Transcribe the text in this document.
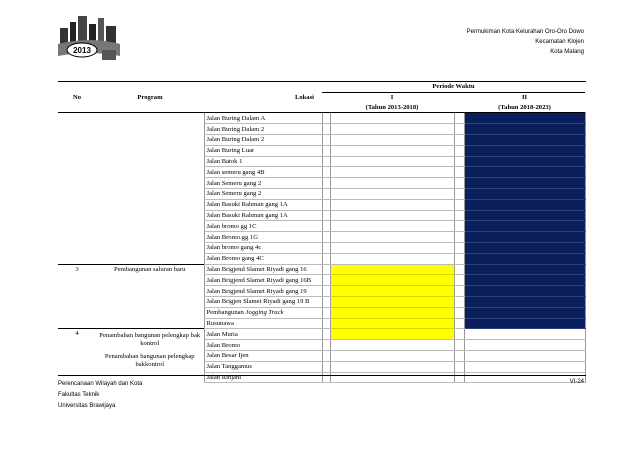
2013
Permukiman Kota Kelurahan Oro-Oro Dowo
Kecamatan Klojen
Kota Malang
			Periode Waktu			
No	Program	Lokasi		I		II
				(Tahun 2013-2018)		(Tahun 2018-2023)
		Jalan Buring Dalam A				
		Jalan Buring Dalam 2				
		Jalan Buring Dalam 2				
		Jalan Buring Luar				
		Jalan Batok 1				
		Jalan semeru gang 4B				
		Jalan Semeru gang 2				
		Jalan Semeru gang 2				
		Jalan Basuki Rahman gang 1A				
		Jalan Basuki Rahman gang 1A				
		Jalan bromo gg 1C				
		Jalan Bromo gg 1G				
		Jalan bromo gang 4c				
		Jalan Bromo gang 4C				
3	Pembangunan saluran baru	Jalan Brigjend Slamet Riyadi gang 16				
		Jalan Brigjend Slamet Riyadi gang 16B				
		Jalan Brigjend Slamet Riyadi gang 19				
		Jalan Brigjen Slamet Riyadi gang 19 B				
		Pembangunan Jogging Track				
		Rusunawa				
4	Penambahan bangunan pelengkap bak kontrol	Jalan Muria				
		Jalan Bromo				
	Penambahan bangunan pelengkap bakkontrol	Jalan Besar Ijen				
		Jalan Tanggamus				
		Jalan Rinjani				
Perencanaan Wilayah dan Kota
Fakultas Teknik
Universitas Brawijaya
VI-24
